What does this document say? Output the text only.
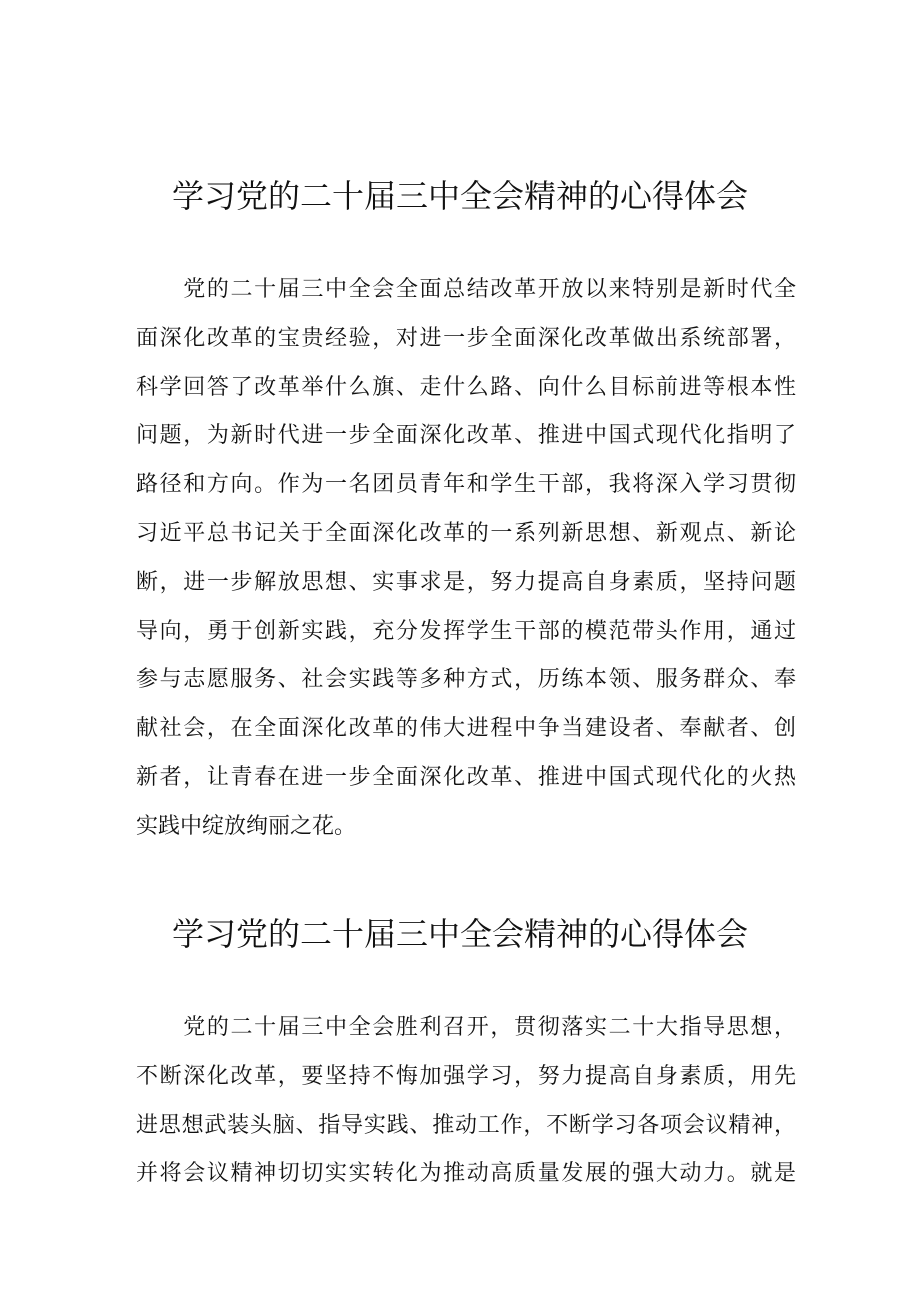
学习党的二十届三中全会精神的心得体会
　　党的二十届三中全会全面总结改革开放以来特别是新时代全
面深化改革的宝贵经验，对进一步全面深化改革做出系统部署，
科学回答了改革举什么旗、走什么路、向什么目标前进等根本性
问题，为新时代进一步全面深化改革、推进中国式现代化指明了
路径和方向。作为一名团员青年和学生干部，我将深入学习贯彻
习近平总书记关于全面深化改革的一系列新思想、新观点、新论
断，进一步解放思想、实事求是，努力提高自身素质，坚持问题
导向，勇于创新实践，充分发挥学生干部的模范带头作用，通过
参与志愿服务、社会实践等多种方式，历练本领、服务群众、奉
献社会，在全面深化改革的伟大进程中争当建设者、奉献者、创
新者，让青春在进一步全面深化改革、推进中国式现代化的火热
实践中绽放绚丽之花。
学习党的二十届三中全会精神的心得体会
　　党的二十届三中全会胜利召开，贯彻落实二十大指导思想，
不断深化改革，要坚持不悔加强学习，努力提高自身素质，用先
进思想武装头脑、指导实践、推动工作，不断学习各项会议精神，
并将会议精神切切实实转化为推动高质量发展的强大动力。就是
